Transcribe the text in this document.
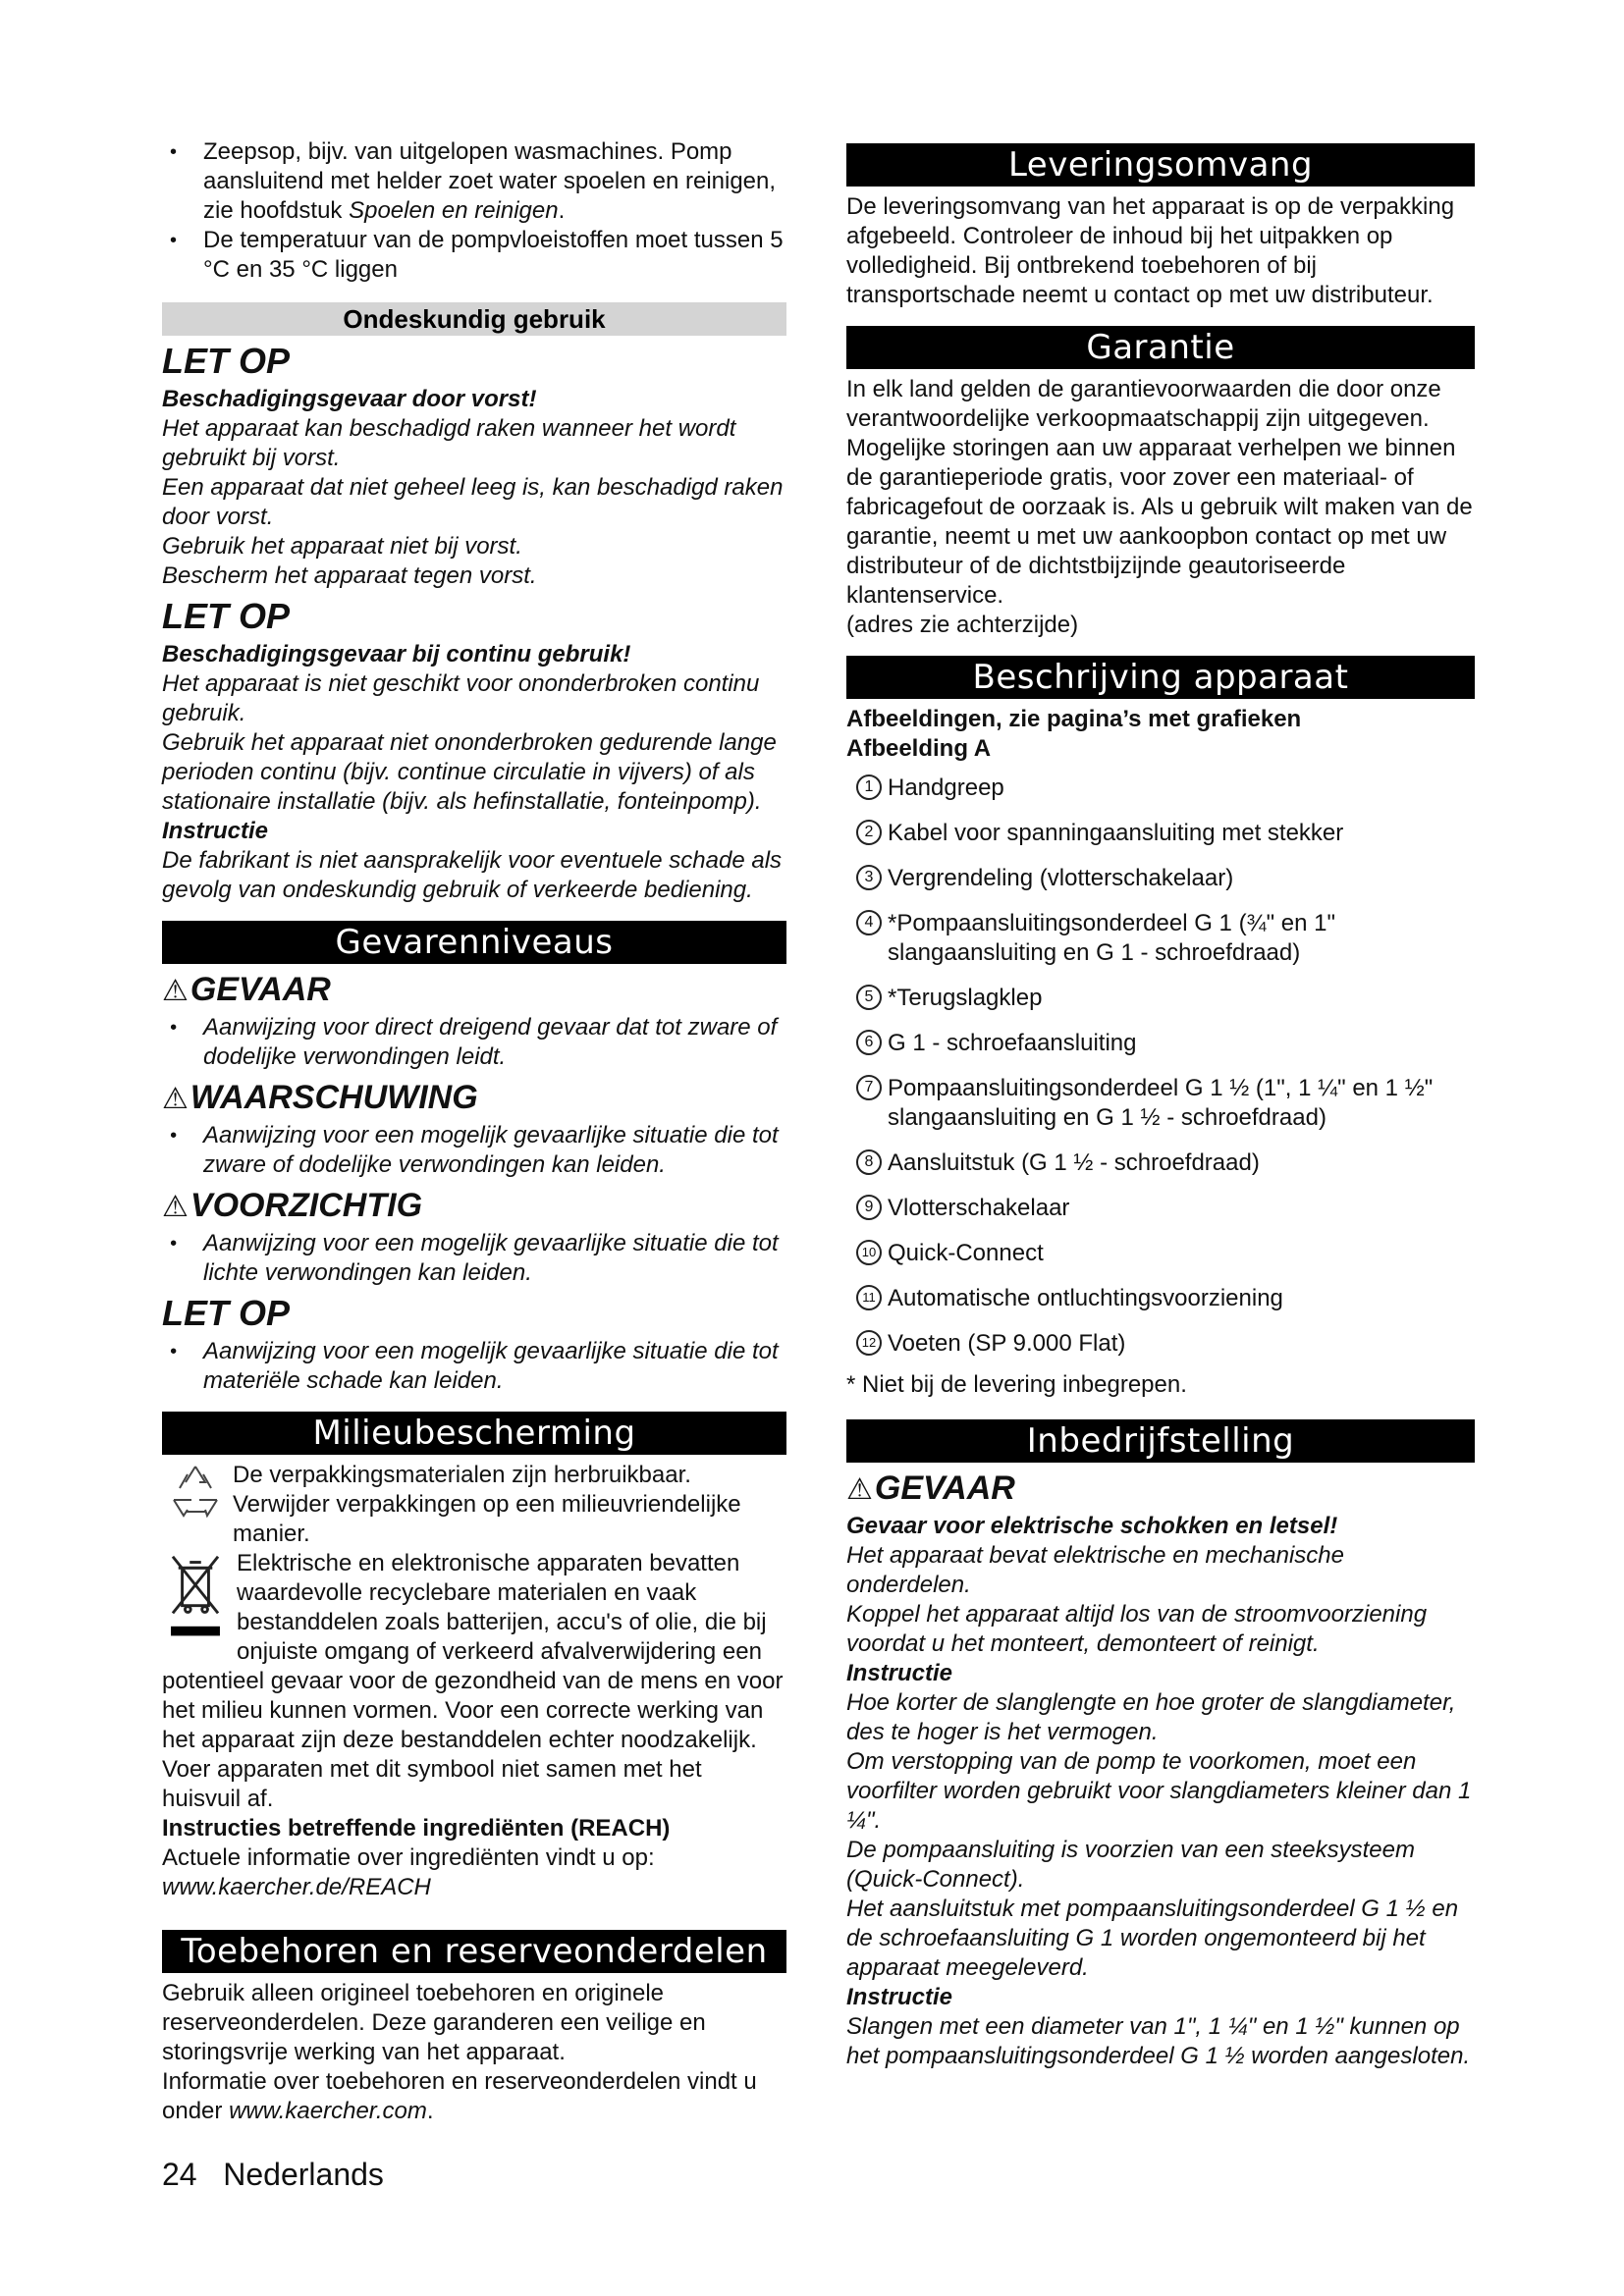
• Zeepsop, bijv. van uitgelopen wasmachines. Pomp aansluitend met helder zoet water spoelen en reinigen, zie hoofdstuk Spoelen en reinigen.
• De temperatuur van de pompvloeistoffen moet tussen 5 °C en 35 °C liggen
Ondeskundig gebruik
LET OP

Beschadigingsgevaar door vorst!

Het apparaat kan beschadigd raken wanneer het wordt gebruikt bij vorst.

Een apparaat dat niet geheel leeg is, kan beschadigd raken door vorst.

Gebruik het apparaat niet bij vorst.

Bescherm het apparaat tegen vorst.

LET OP

Beschadigingsgevaar bij continu gebruik!

Het apparaat is niet geschikt voor ononderbroken continu gebruik.

Gebruik het apparaat niet ononderbroken gedurende lange perioden continu (bijv. continue circulatie in vijvers) of als stationaire installatie (bijv. als hefinstallatie, fonteinpomp).

Instructie

De fabrikant is niet aansprakelijk voor eventuele schade als gevolg van ondeskundig gebruik of verkeerde bediening.

Gevarenniveaus
⚠GEVAAR
• Aanwijzing voor direct dreigend gevaar dat tot zware of dodelijke verwondingen leidt.
⚠WAARSCHUWING
• Aanwijzing voor een mogelijk gevaarlijke situatie die tot zware of dodelijke verwondingen kan leiden.
⚠VOORZICHTIG
• Aanwijzing voor een mogelijk gevaarlijke situatie die tot lichte verwondingen kan leiden.
LET OP
• Aanwijzing voor een mogelijk gevaarlijke situatie die tot materiële schade kan leiden.
Milieubescherming

De verpakkingsmaterialen zijn herbruikbaar. Verwijder verpakkingen op een milieuvriendelijke manier.

Elektrische en elektronische apparaten bevatten waardevolle recyclebare materialen en vaak bestanddelen zoals batterijen, accu's of olie, die bij onjuiste omgang of verkeerd afvalverwijdering een potentieel gevaar voor de gezondheid van de mens en voor het milieu kunnen vormen. Voor een correcte werking van het apparaat zijn deze bestanddelen echter noodzakelijk. Voer apparaten met dit symbool niet samen met het huisvuil af.

Instructies betreffende ingrediënten (REACH)

Actuele informatie over ingrediënten vindt u op:

www.kaercher.de/REACH

Toebehoren en reserveonderdelen

Gebruik alleen origineel toebehoren en originele reserveonderdelen. Deze garanderen een veilige en storingsvrije werking van het apparaat.

Informatie over toebehoren en reserveonderdelen vindt u onder www.kaercher.com.

Leveringsomvang

De leveringsomvang van het apparaat is op de verpakking afgebeeld. Controleer de inhoud bij het uitpakken op volledigheid. Bij ontbrekend toebehoren of bij transportschade neemt u contact op met uw distributeur.

Garantie

In elk land gelden de garantievoorwaarden die door onze verantwoordelijke verkoopmaatschappij zijn uitgegeven. Mogelijke storingen aan uw apparaat verhelpen we binnen de garantieperiode gratis, voor zover een materiaal- of fabricagefout de oorzaak is. Als u gebruik wilt maken van de garantie, neemt u met uw aankoopbon contact op met uw distributeur of de dichtstbijzijnde geautoriseerde klantenservice.

(adres zie achterzijde)

Beschrijving apparaat

Afbeeldingen, zie pagina’s met grafieken

Afbeelding A

1 Handgreep
2 Kabel voor spanningaansluiting met stekker
3 Vergrendeling (vlotterschakelaar)
4 *Pompaansluitingsonderdeel G 1 (¾" en 1" slangaansluiting en G 1 - schroefdraad)
5 *Terugslagklep
6 G 1 - schroefaansluiting
7 Pompaansluitingsonderdeel G 1 ½ (1", 1 ¼" en 1 ½" slangaansluiting en G 1 ½ - schroefdraad)
8 Aansluitstuk (G 1 ½ - schroefdraad)
9 Vlotterschakelaar
10 Quick-Connect
11 Automatische ontluchtingsvoorziening
12 Voeten (SP 9.000 Flat)

* Niet bij de levering inbegrepen.

Inbedrijfstelling
⚠GEVAAR

Gevaar voor elektrische schokken en letsel!

Het apparaat bevat elektrische en mechanische onderdelen.

Koppel het apparaat altijd los van de stroomvoorziening voordat u het monteert, demonteert of reinigt.

Instructie

Hoe korter de slanglengte en hoe groter de slangdiameter, des te hoger is het vermogen.

Om verstopping van de pomp te voorkomen, moet een voorfilter worden gebruikt voor slangdiameters kleiner dan 1 ¼".

De pompaansluiting is voorzien van een steeksysteem (Quick-Connect).

Het aansluitstuk met pompaansluitingsonderdeel G 1 ½ en de schroefaansluiting G 1 worden ongemonteerd bij het apparaat meegeleverd.

Instructie

Slangen met een diameter van 1", 1 ¼" en 1 ½" kunnen op het pompaansluitingsonderdeel G 1 ½ worden aangesloten.

24 Nederlands
